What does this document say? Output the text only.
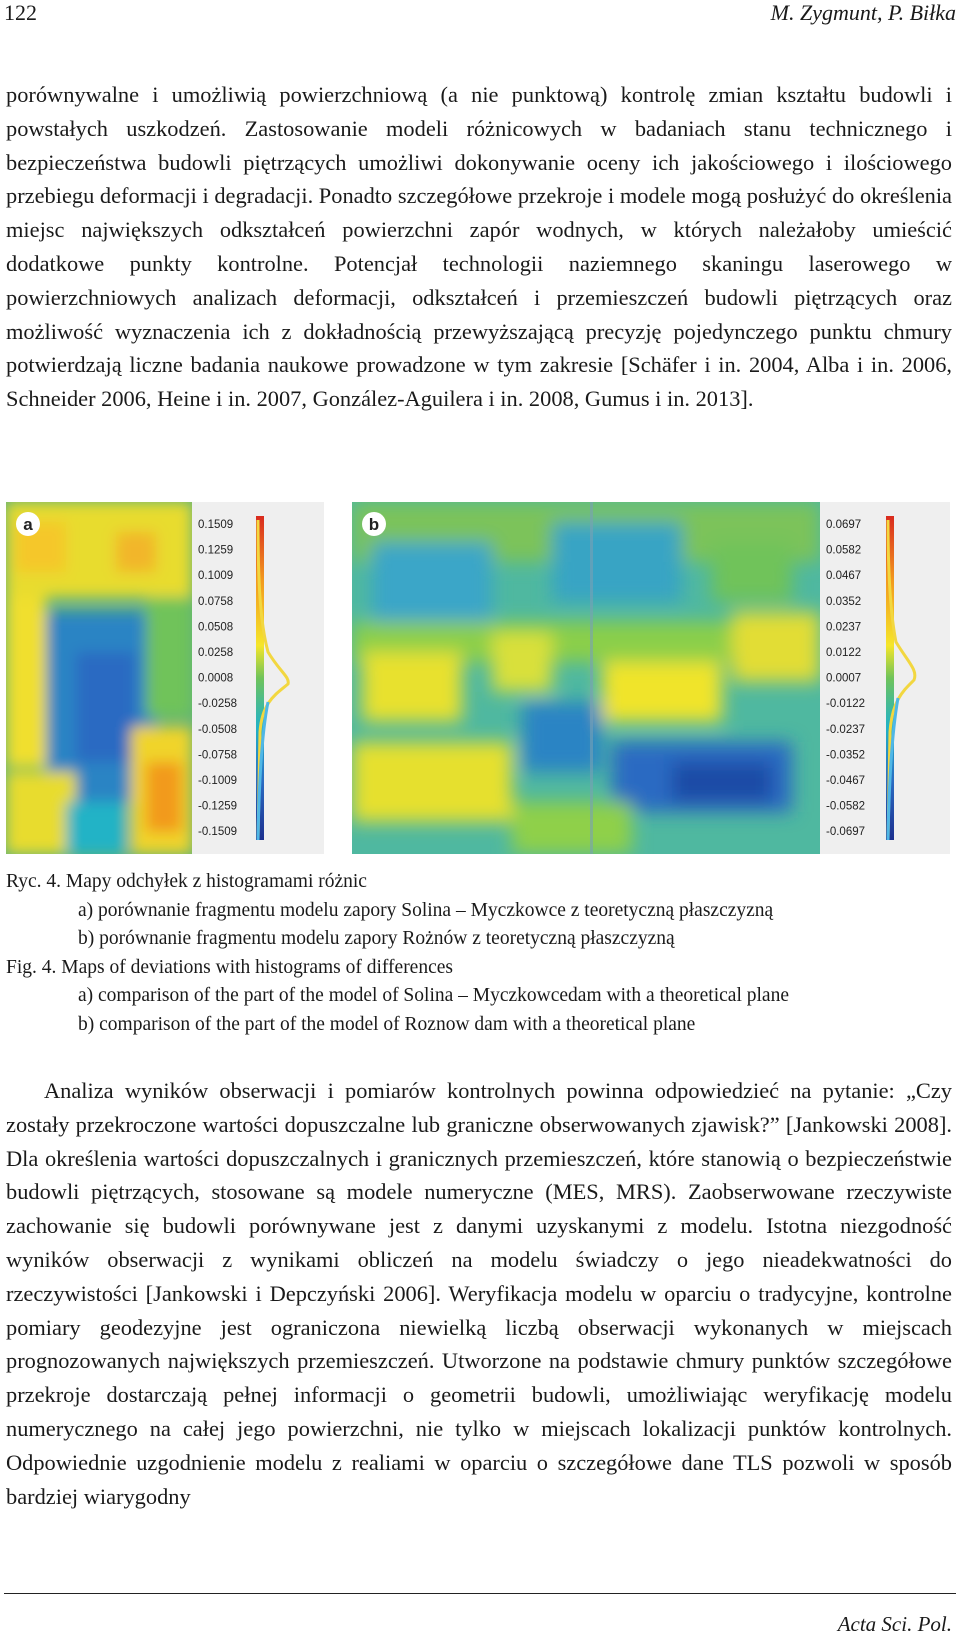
122	M. Zygmunt, P. Biłka

porównywalne i umożliwią powierzchniową (a nie punktową) kontrolę zmian kształtu budowli i powstałych uszkodzeń. Zastosowanie modeli różnicowych w badaniach stanu technicznego i bezpieczeństwa budowli piętrzących umożliwi dokonywanie oceny ich jakościowego i ilościowego przebiegu deformacji i degradacji. Ponadto szczegółowe przekroje i modele mogą posłużyć do określenia miejsc największych odkształceń powierzchni zapór wodnych, w których należałoby umieścić dodatkowe punkty kontrolne. Potencjał technologii naziemnego skaningu laserowego w powierzchniowych analizach deformacji, odkształceń i przemieszczeń budowli piętrzących oraz możliwość wyznaczenia ich z dokładnością przewyższającą precyzję pojedynczego punktu chmury potwierdzają liczne badania naukowe prowadzone w tym zakresie [Schäfer i in. 2004, Alba i in. 2006, Schneider 2006, Heine i in. 2007, González-Aguilera i in. 2008, Gumus i in. 2013].

0.1509
0.1259
0.1009
0.0758
0.0508
0.0258
0.0008
-0.0258
-0.0508
-0.0758
-0.1009
-0.1259
-0.1509
a	0.0697
0.0582
0.0467
0.0352
0.0237
0.0122
0.0007
-0.0122
-0.0237
-0.0352
-0.0467
-0.0582
-0.0697
b
Ryc. 4. Mapy odchyłek z histogramami różnic
a) porównanie fragmentu modelu zapory Solina – Myczkowce z teoretyczną płaszczyzną
b) porównanie fragmentu modelu zapory Rożnów z teoretyczną płaszczyzną
Fig. 4. Maps of deviations with histograms of differences
a) comparison of the part of the model of Solina – Myczkowcedam with a theoretical plane
b) comparison of the part of the model of Roznow dam with a theoretical plane

Analiza wyników obserwacji i pomiarów kontrolnych powinna odpowiedzieć na pytanie: „Czy zostały przekroczone wartości dopuszczalne lub graniczne obserwowanych zjawisk?” [Jankowski 2008]. Dla określenia wartości dopuszczalnych i granicznych przemieszczeń, które stanowią o bezpieczeństwie budowli piętrzących, stosowane są modele numeryczne (MES, MRS). Zaobserwowane rzeczywiste zachowanie się budowli porównywane jest z danymi uzyskanymi z modelu. Istotna niezgodność wyników obserwacji z wynikami obliczeń na modelu świadczy o jego nieadekwatności do rzeczywistości [Jankowski i Depczyński 2006]. Weryfikacja modelu w oparciu o tradycyjne, kontrolne pomiary geodezyjne jest ograniczona niewielką liczbą obserwacji wykonanych w miejscach prognozowanych największych przemieszczeń. Utworzone na podstawie chmury punktów szczegółowe przekroje dostarczają pełnej informacji o geometrii budowli, umożliwiając weryfikację modelu numerycznego na całej jego powierzchni, nie tylko w miejscach lokalizacji punktów kontrolnych. Odpowiednie uzgodnienie modelu z realiami w oparciu o szczegółowe dane TLS pozwoli w sposób bardziej wiarygodny

Acta Sci. Pol.
